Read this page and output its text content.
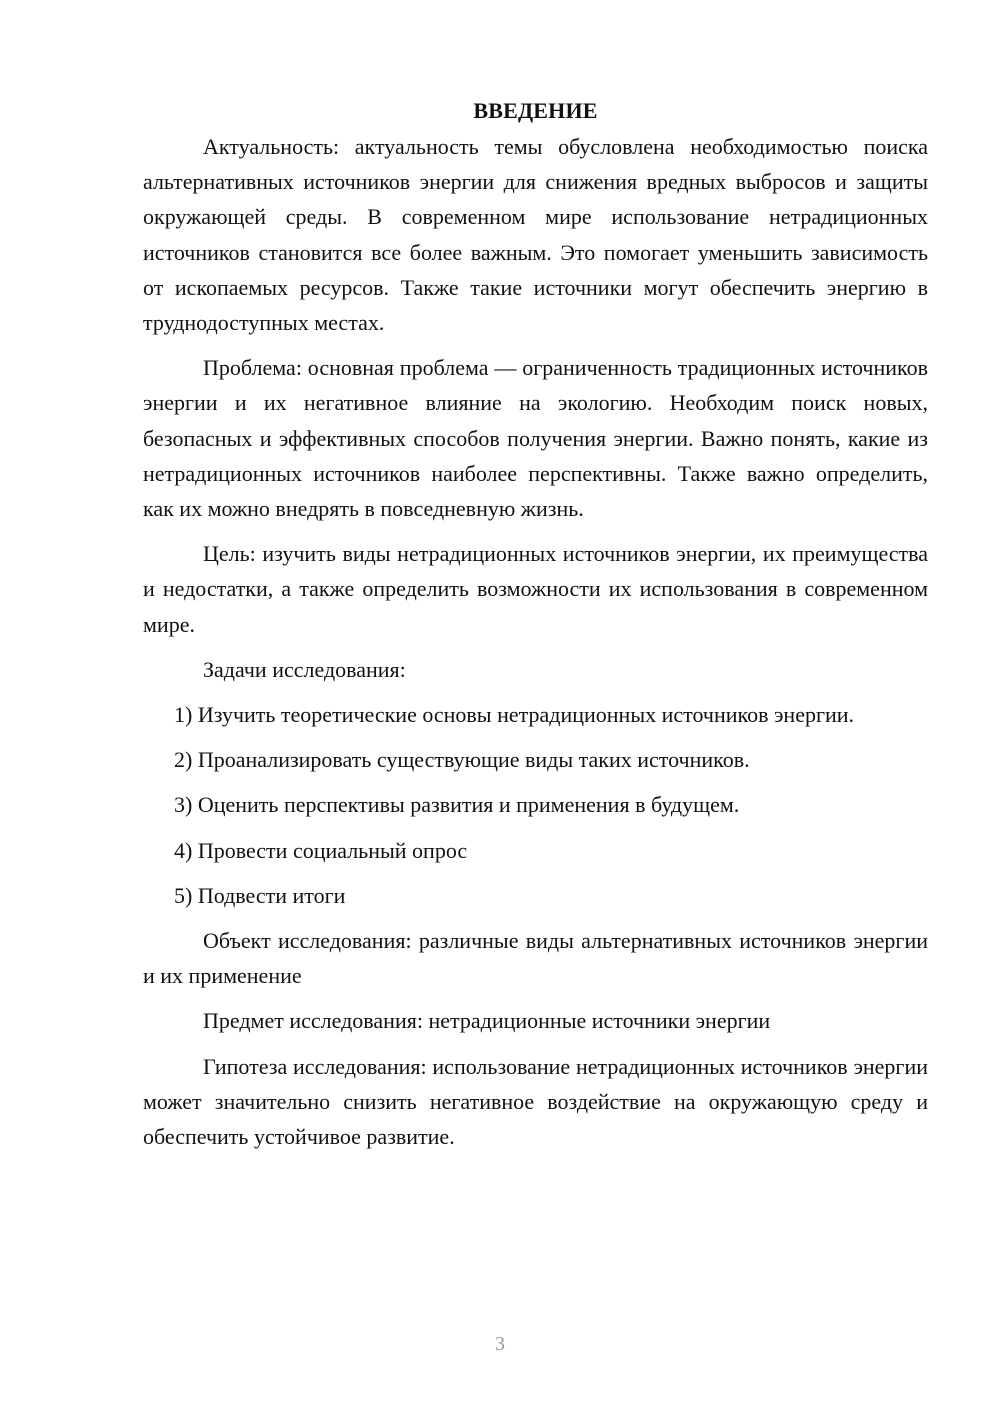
ВВЕДЕНИЕ

Актуальность: актуальность темы обусловлена необходимостью поиска альтернативных источников энергии для снижения вредных выбросов и защиты окружающей среды. В современном мире использование нетрадиционных источников становится все более важным. Это помогает уменьшить зависимость от ископаемых ресурсов. Также такие источники могут обеспечить энергию в труднодоступных местах.

Проблема: основная проблема — ограниченность традиционных источников энергии и их негативное влияние на экологию. Необходим поиск новых, безопасных и эффективных способов получения энергии. Важно понять, какие из нетрадиционных источников наиболее перспективны. Также важно определить, как их можно внедрять в повседневную жизнь.

Цель: изучить виды нетрадиционных источников энергии, их преимущества и недостатки, а также определить возможности их использования в современном мире.

Задачи исследования:

1) Изучить теоретические основы нетрадиционных источников энергии.

2) Проанализировать существующие виды таких источников.

3) Оценить перспективы развития и применения в будущем.

4) Провести социальный опрос

5) Подвести итоги

Объект исследования: различные виды альтернативных источников энергии и их применение

Предмет исследования: нетрадиционные источники энергии

Гипотеза исследования: использование нетрадиционных источников энергии может значительно снизить негативное воздействие на окружающую среду и обеспечить устойчивое развитие.

3
